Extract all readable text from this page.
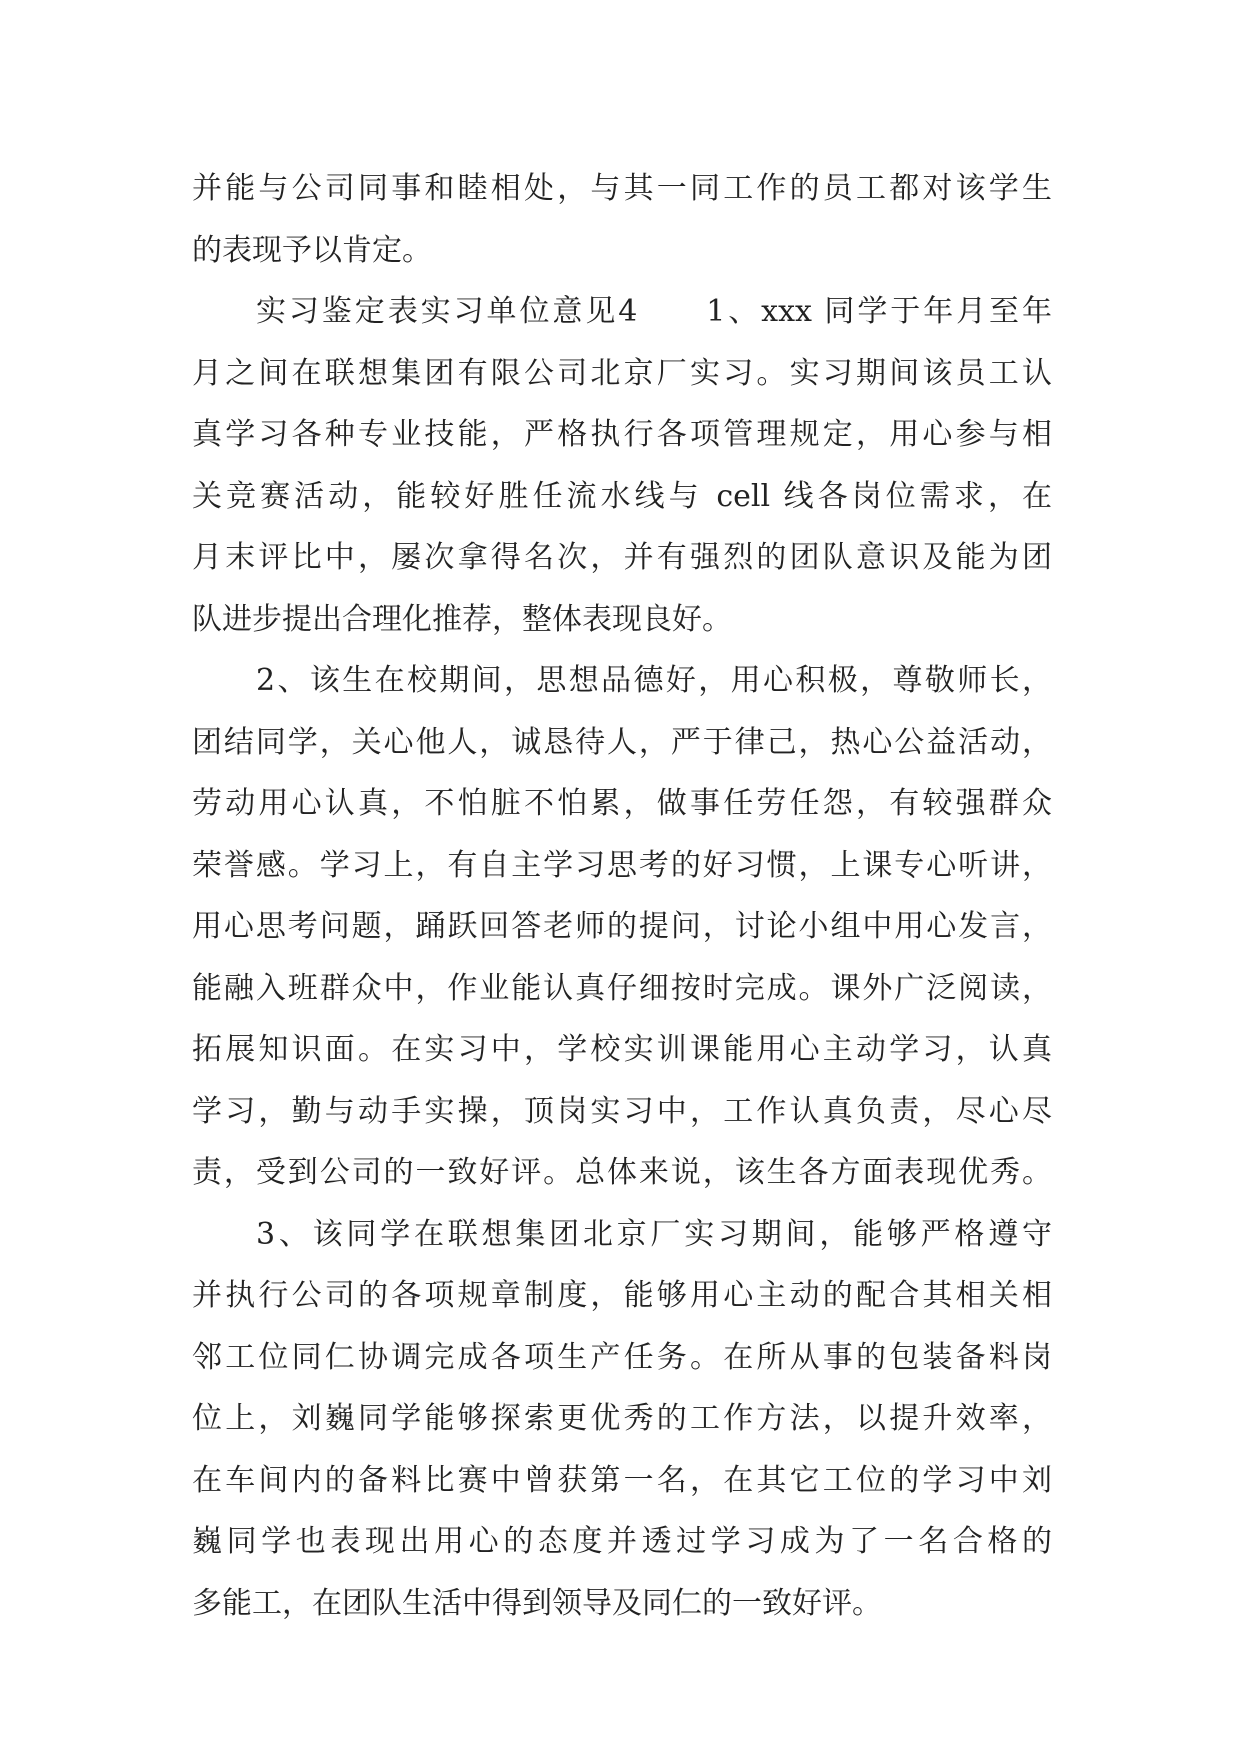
并能与公司同事和睦相处，与其一同工作的员工都对该学生
的表现予以肯定。
实习鉴定表实习单位意见4　　1、xxx 同学于年月至年
月之间在联想集团有限公司北京厂实习。实习期间该员工认
真学习各种专业技能，严格执行各项管理规定，用心参与相
关竞赛活动，能较好胜任流水线与 cell 线各岗位需求，在
月末评比中，屡次拿得名次，并有强烈的团队意识及能为团
队进步提出合理化推荐，整体表现良好。
2、该生在校期间，思想品德好，用心积极，尊敬师长，
团结同学，关心他人，诚恳待人，严于律己，热心公益活动，
劳动用心认真，不怕脏不怕累，做事任劳任怨，有较强群众
荣誉感。学习上，有自主学习思考的好习惯，上课专心听讲，
用心思考问题，踊跃回答老师的提问，讨论小组中用心发言，
能融入班群众中，作业能认真仔细按时完成。课外广泛阅读，
拓展知识面。在实习中，学校实训课能用心主动学习，认真
学习，勤与动手实操，顶岗实习中，工作认真负责，尽心尽
责，受到公司的一致好评。总体来说，该生各方面表现优秀。
3、该同学在联想集团北京厂实习期间，能够严格遵守
并执行公司的各项规章制度，能够用心主动的配合其相关相
邻工位同仁协调完成各项生产任务。在所从事的包装备料岗
位上，刘巍同学能够探索更优秀的工作方法，以提升效率，
在车间内的备料比赛中曾获第一名，在其它工位的学习中刘
巍同学也表现出用心的态度并透过学习成为了一名合格的
多能工，在团队生活中得到领导及同仁的一致好评。
